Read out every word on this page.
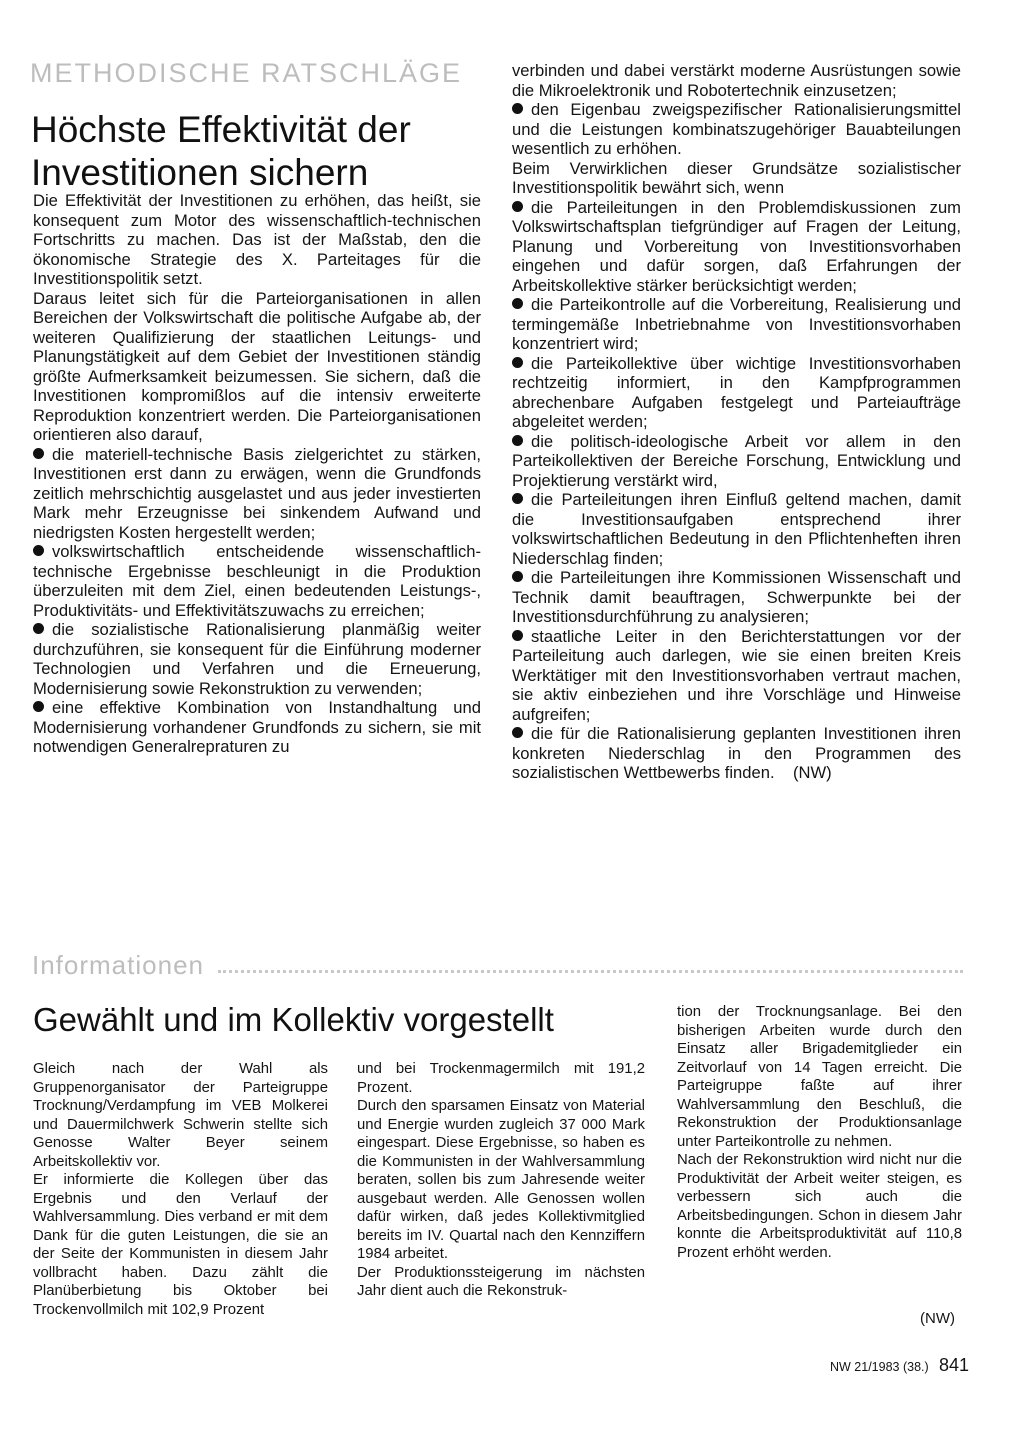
METHODISCHE RATSCHLÄGE
Höchste Effektivität der Investitionen sichern

Die Effektivität der Investitionen zu erhöhen, das heißt, sie konsequent zum Motor des wissenschaftlich-technischen Fortschritts zu machen. Das ist der Maßstab, den die ökonomische Strategie des X. Parteitages für die Investitionspolitik setzt.

Daraus leitet sich für die Parteiorganisationen in allen Bereichen der Volkswirtschaft die politische Aufgabe ab, der weiteren Qualifizierung der staatlichen Leitungs- und Planungstätigkeit auf dem Gebiet der Investitionen ständig größte Aufmerksamkeit beizumessen. Sie sichern, daß die Investitionen kompromißlos auf die intensiv erweiterte Reproduktion konzentriert werden. Die Parteiorganisationen orientieren also darauf,

die materiell-technische Basis zielgerichtet zu stärken, Investitionen erst dann zu erwägen, wenn die Grundfonds zeitlich mehrschichtig ausgelastet und aus jeder investierten Mark mehr Erzeugnisse bei sinkendem Aufwand und niedrigsten Kosten hergestellt werden;

volkswirtschaftlich entscheidende wissenschaftlich-technische Ergebnisse beschleunigt in die Produktion überzuleiten mit dem Ziel, einen bedeutenden Leistungs-, Produktivitäts- und Effektivitätszuwachs zu erreichen;

die sozialistische Rationalisierung planmäßig weiter durchzuführen, sie konsequent für die Einführung moderner Technologien und Verfahren und die Erneuerung, Modernisierung sowie Rekonstruktion zu verwenden;

eine effektive Kombination von Instandhaltung und Modernisierung vorhandener Grundfonds zu sichern, sie mit notwendigen Generalrepraturen zu

verbinden und dabei verstärkt moderne Ausrüstungen sowie die Mikroelektronik und Robotertechnik einzusetzen;

den Eigenbau zweigspezifischer Rationalisierungsmittel und die Leistungen kombinatszugehöriger Bauabteilungen wesentlich zu erhöhen.

Beim Verwirklichen dieser Grundsätze sozialistischer Investitionspolitik bewährt sich, wenn

die Parteileitungen in den Problemdiskussionen zum Volkswirtschaftsplan tiefgründiger auf Fragen der Leitung, Planung und Vorbereitung von Investitionsvorhaben eingehen und dafür sorgen, daß Erfahrungen der Arbeitskollektive stärker berücksichtigt werden;

die Parteikontrolle auf die Vorbereitung, Realisierung und termingemäße Inbetriebnahme von Investitionsvorhaben konzentriert wird;

die Parteikollektive über wichtige Investitionsvorhaben rechtzeitig informiert, in den Kampfprogrammen abrechenbare Aufgaben festgelegt und Parteiaufträge abgeleitet werden;

die politisch-ideologische Arbeit vor allem in den Parteikollektiven der Bereiche Forschung, Entwicklung und Projektierung verstärkt wird,

die Parteileitungen ihren Einfluß geltend machen, damit die Investitionsaufgaben entsprechend ihrer volkswirtschaftlichen Bedeutung in den Pflichtenheften ihren Niederschlag finden;

die Parteileitungen ihre Kommissionen Wissenschaft und Technik damit beauftragen, Schwerpunkte bei der Investitionsdurchführung zu analysieren;

staatliche Leiter in den Berichterstattungen vor der Parteileitung auch darlegen, wie sie einen breiten Kreis Werktätiger mit den Investitionsvorhaben vertraut machen, sie aktiv einbeziehen und ihre Vorschläge und Hinweise aufgreifen;

die für die Rationalisierung geplanten Investitionen ihren konkreten Niederschlag in den Programmen des sozialistischen Wettbewerbs finden. (NW)

Informationen
Gewählt und im Kollektiv vorgestellt

Gleich nach der Wahl als Gruppenorganisator der Parteigruppe Trocknung/Verdampfung im VEB Molkerei und Dauermilchwerk Schwerin stellte sich Genosse Walter Beyer seinem Arbeitskollektiv vor.

Er informierte die Kollegen über das Ergebnis und den Verlauf der Wahlversammlung. Dies verband er mit dem Dank für die guten Leistungen, die sie an der Seite der Kommunisten in diesem Jahr vollbracht haben. Dazu zählt die Planüberbietung bis Oktober bei Trockenvollmilch mit 102,9 Prozent

und bei Trockenmagermilch mit 191,2 Prozent.

Durch den sparsamen Einsatz von Material und Energie wurden zugleich 37 000 Mark eingespart. Diese Ergebnisse, so haben es die Kommunisten in der Wahlversammlung beraten, sollen bis zum Jahresende weiter ausgebaut werden. Alle Genossen wollen dafür wirken, daß jedes Kollektivmitglied bereits im IV. Quartal nach den Kennziffern 1984 arbeitet.

Der Produktionssteigerung im nächsten Jahr dient auch die Rekonstruk-

tion der Trocknungsanlage. Bei den bisherigen Arbeiten wurde durch den Einsatz aller Brigademitglieder ein Zeitvorlauf von 14 Tagen erreicht. Die Parteigruppe faßte auf ihrer Wahlversammlung den Beschluß, die Rekonstruktion der Produktionsanlage unter Parteikontrolle zu nehmen.

Nach der Rekonstruktion wird nicht nur die Produktivität der Arbeit weiter steigen, es verbessern sich auch die Arbeitsbedingungen. Schon in diesem Jahr konnte die Arbeitsproduktivität auf 110,8 Prozent erhöht werden.

(NW)
NW 21/1983 (38.) 841
